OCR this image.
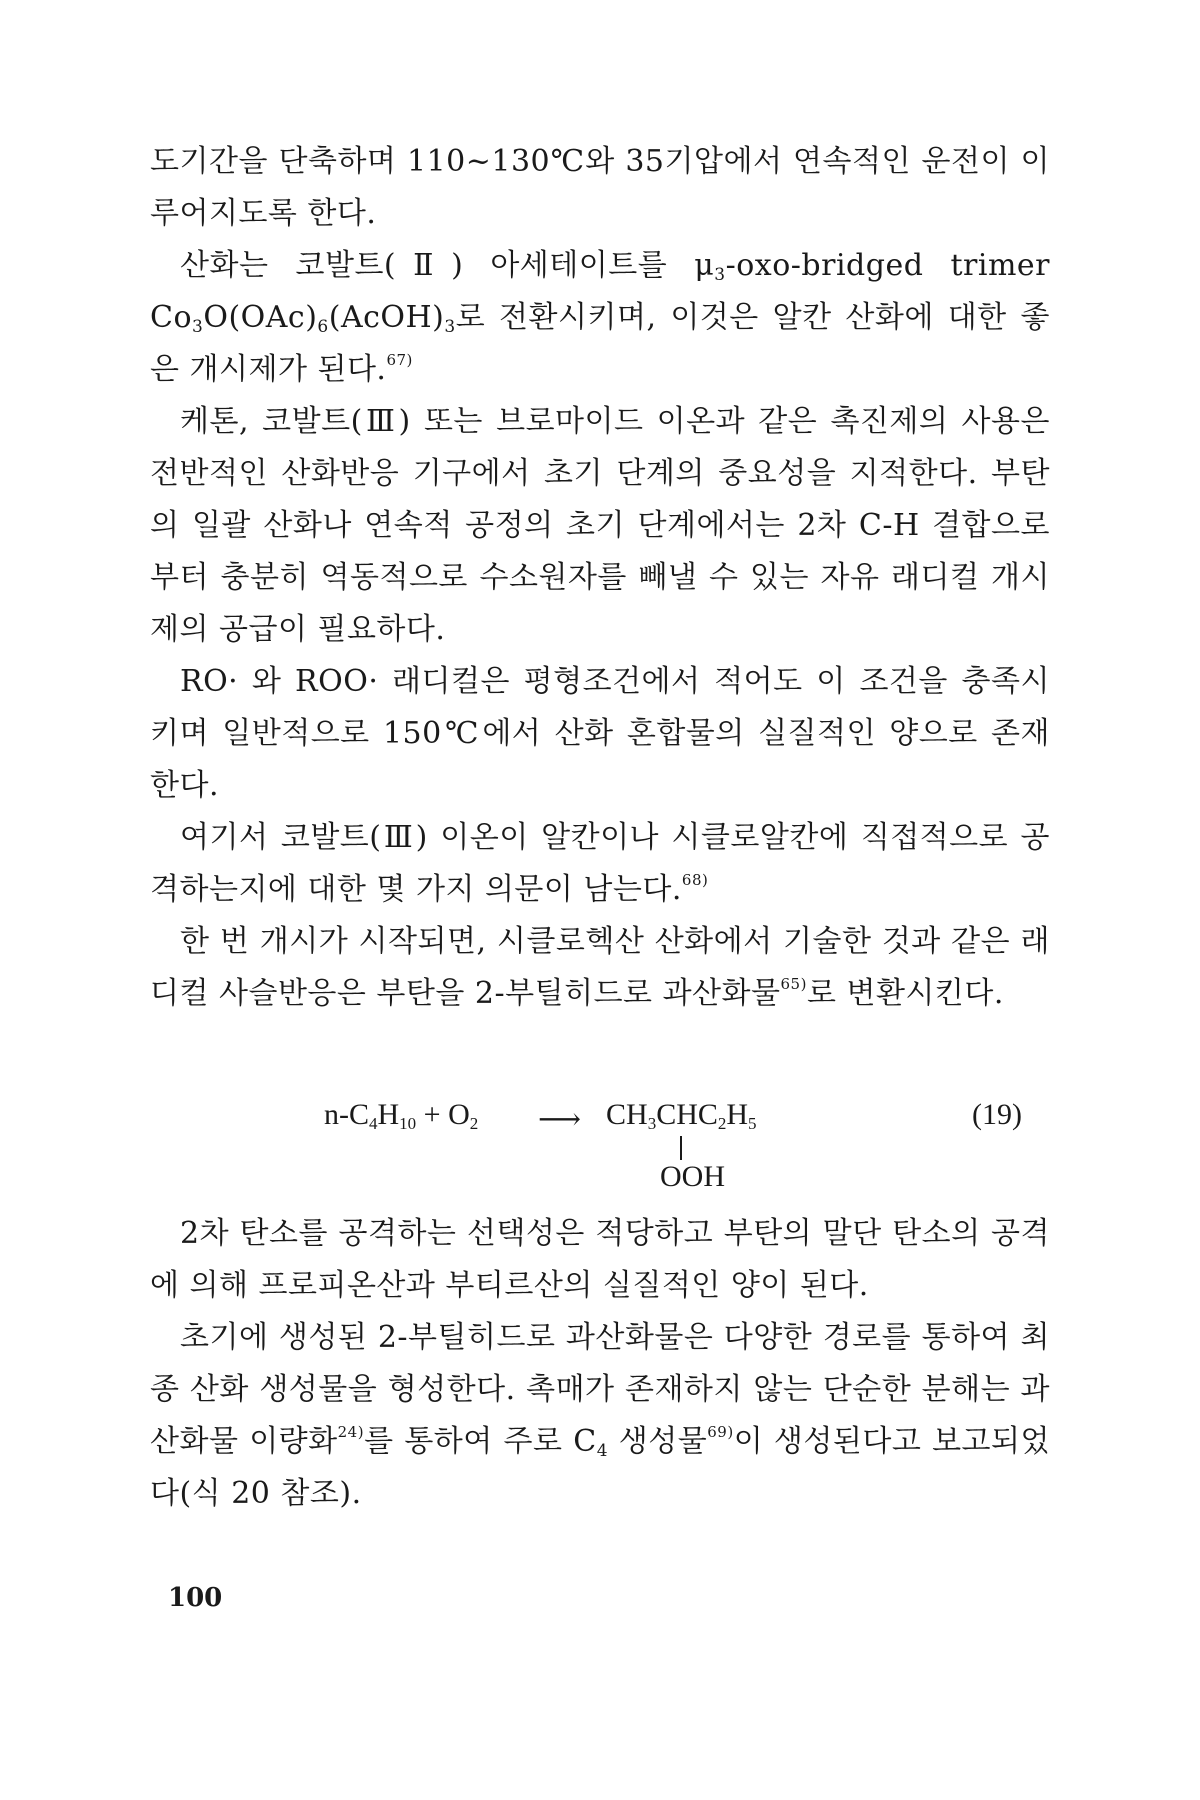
도기간을 단축하며 110~130℃와 35기압에서 연속적인 운전이 이루어지도록 한다.

산화는 코발트(Ⅱ) 아세테이트를 $\mu_3-oxo$-bridged trimer $Co_3O(OAc)_6(AcOH)_3$로 전환시키며, 이것은 알칸 산화에 대한 좋은 개시제가 된다.$^{67)}$

케톤, 코발트(Ⅲ) 또는 브로마이드 이온과 같은 촉진제의 사용은 전반적인 산화반응 기구에서 초기 단계의 중요성을 지적한다. 부탄의 일괄 산화나 연속적 공정의 초기 단계에서는 2차 C-H 결합으로부터 충분히 역동적으로 수소원자를 빼낼 수 있는 자유 래디컬 개시제의 공급이 필요하다.

RO· 와 ROO· 래디컬은 평형조건에서 적어도 이 조건을 충족시키며 일반적으로 150℃에서 산화 혼합물의 실질적인 양으로 존재한다.

여기서 코발트(Ⅲ) 이온이 알칸이나 시클로알칸에 직접적으로 공격하는지에 대한 몇 가지 의문이 남는다.$^{68)}$

한 번 개시가 시작되면, 시클로헥산 산화에서 기술한 것과 같은 래디컬 사슬반응은 부탄을 2-부틸히드로 과산화물$^{65)}$로 변환시킨다.

$n-C_4H_{10} + O_2$ ⟶ $CH_3CHC_2H_5$
OOH
(19)

2차 탄소를 공격하는 선택성은 적당하고 부탄의 말단 탄소의 공격에 의해 프로피온산과 부티르산의 실질적인 양이 된다.

초기에 생성된 2-부틸히드로 과산화물은 다양한 경로를 통하여 최종 산화 생성물을 형성한다. 촉매가 존재하지 않는 단순한 분해는 과산화물 이량화$^{24)}$를 통하여 주로 $C_4$ 생성물$^{69)}$이 생성된다고 보고되었다(식 20 참조).

100
